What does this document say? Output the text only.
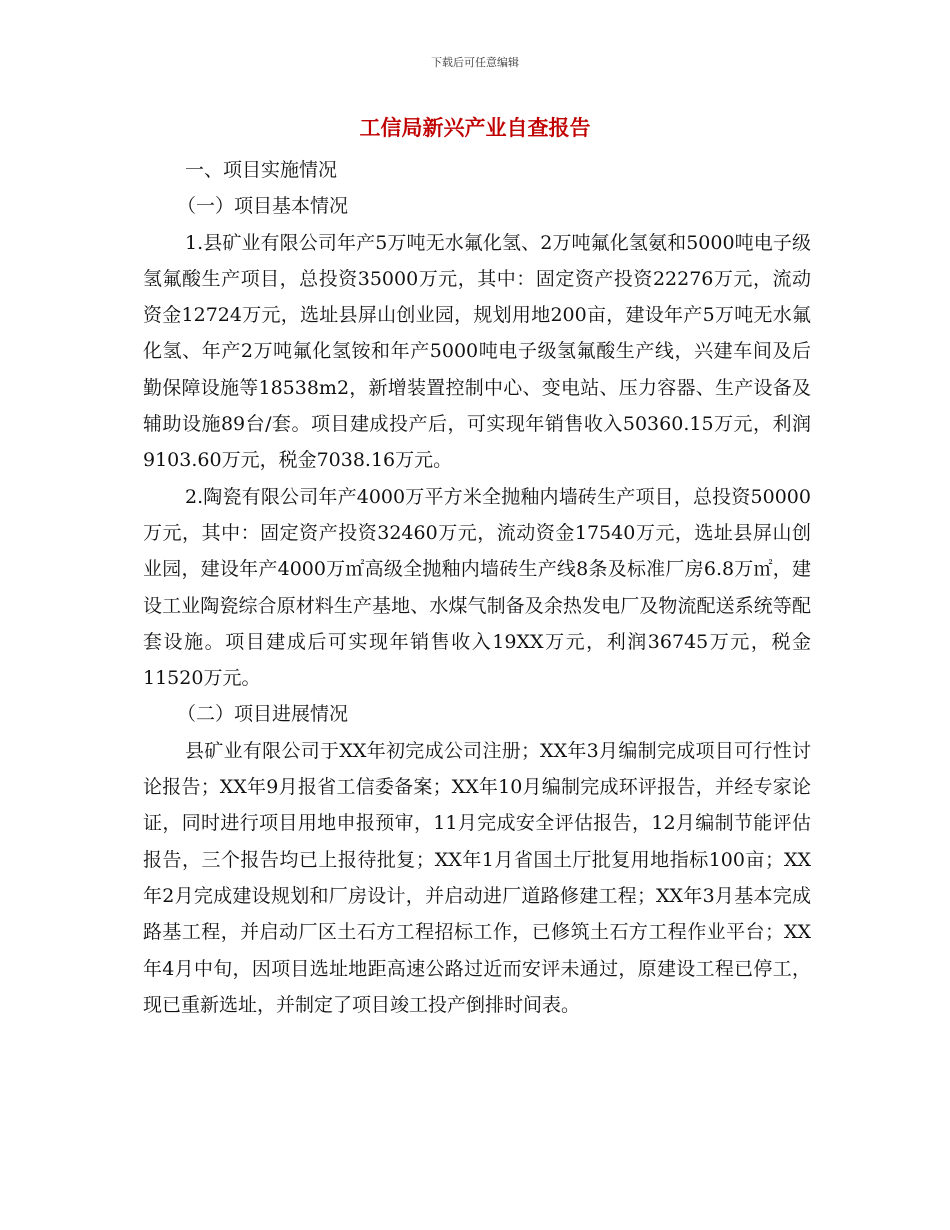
下载后可任意编辑
工信局新兴产业自查报告

一、项目实施情况

（一）项目基本情况

1.县矿业有限公司年产5万吨无水氟化氢、2万吨氟化氢氨和5000吨电子级氢氟酸生产项目，总投资35000万元，其中：固定资产投资22276万元，流动资金12724万元，选址县屏山创业园，规划用地200亩，建设年产5万吨无水氟化氢、年产2万吨氟化氢铵和年产5000吨电子级氢氟酸生产线，兴建车间及后勤保障设施等18538m2，新增装置控制中心、变电站、压力容器、生产设备及辅助设施89台/套。项目建成投产后，可实现年销售收入50360.15万元，利润9103.60万元，税金7038.16万元。

2.陶瓷有限公司年产4000万平方米全抛釉内墙砖生产项目，总投资50000万元，其中：固定资产投资32460万元，流动资金17540万元，选址县屏山创业园，建设年产4000万㎡高级全抛釉内墙砖生产线8条及标准厂房6.8万㎡，建设工业陶瓷综合原材料生产基地、水煤气制备及余热发电厂及物流配送系统等配套设施。项目建成后可实现年销售收入19XX万元，利润36745万元，税金11520万元。

（二）项目进展情况

县矿业有限公司于XX年初完成公司注册；XX年3月编制完成项目可行性讨论报告；XX年9月报省工信委备案；XX年10月编制完成环评报告，并经专家论证，同时进行项目用地申报预审，11月完成安全评估报告，12月编制节能评估报告，三个报告均已上报待批复；XX年1月省国土厅批复用地指标100亩；XX年2月完成建设规划和厂房设计，并启动进厂道路修建工程；XX年3月基本完成路基工程，并启动厂区土石方工程招标工作，已修筑土石方工程作业平台；XX年4月中旬，因项目选址地距高速公路过近而安评未通过，原建设工程已停工，现已重新选址，并制定了项目竣工投产倒排时间表。
